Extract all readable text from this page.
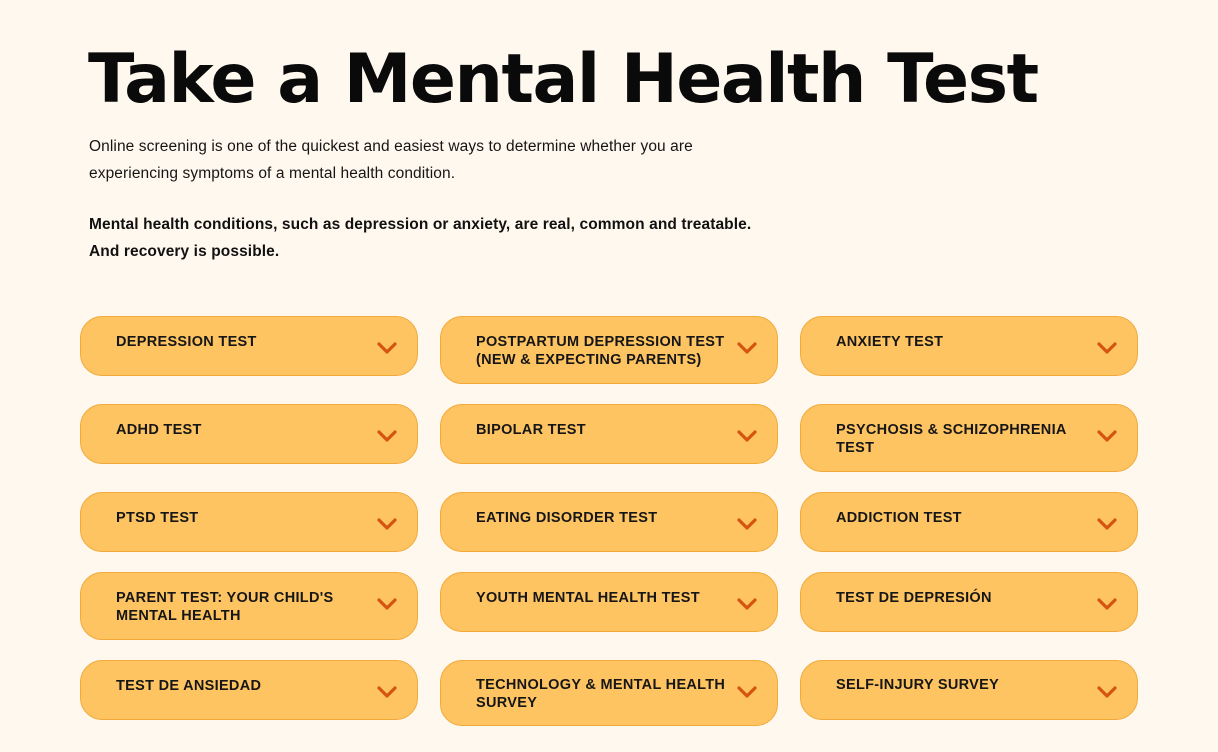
Take a Mental Health Test

Online screening is one of the quickest and easiest ways to determine whether you are experiencing symptoms of a mental health condition.

Mental health conditions, such as depression or anxiety, are real, common and treatable. And recovery is possible.

DEPRESSION TEST	POSTPARTUM DEPRESSION TEST (NEW & EXPECTING PARENTS)
ANXIETY TEST
ADHD TEST	BIPOLAR TEST	PSYCHOSIS & SCHIZOPHRENIA TEST
PTSD TEST	EATING DISORDER TEST	ADDICTION TEST
PARENT TEST: YOUR CHILD'S MENTAL HEALTH
YOUTH MENTAL HEALTH TEST	TEST DE DEPRESIÓN
TEST DE ANSIEDAD	TECHNOLOGY & MENTAL HEALTH SURVEY
SELF-INJURY SURVEY
